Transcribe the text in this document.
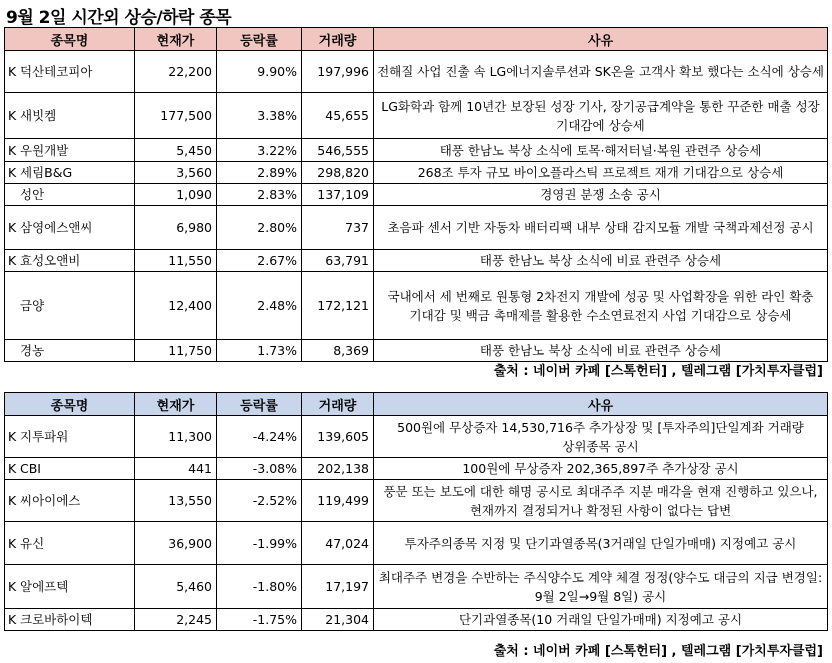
9월 2일 시간외 상승/하락 종목
종목명	현재가	등락률	거래량	사유
K 덕산테코피아	22,200	9.90%	197,996	전해질 사업 진출 속 LG에너지솔루션과 SK온을 고객사 확보 했다는 소식에 상승세
K 새빗켐	177,500	3.38%	45,655	LG화학과 함께 10년간 보장된 성장 기사, 장기공급계약을 통한 꾸준한 매출 성장 기대감에 상승세
K 우원개발	5,450	3.22%	546,555	태풍 한남노 북상 소식에 토목·해저터널·복원 관련주 상승세
K 세림B&G	3,560	2.89%	298,820	268조 투자 규모 바이오플라스틱 프로젝트 재개 기대감으로 상승세
성안	1,090	2.83%	137,109	경영권 분쟁 소송 공시
K 삼영에스앤씨	6,980	2.80%	737	초음파 센서 기반 자동차 배터리팩 내부 상태 감지모듈 개발 국책과제선정 공시
K 효성오앤비	11,550	2.67%	63,791	태풍 한남노 북상 소식에 비료 관련주 상승세
금양	12,400	2.48%	172,121	국내에서 세 번째로 원통형 2차전지 개발에 성공 및 사업확장을 위한 라인 확충 기대감 및 백금 촉매제를 활용한 수소연료전지 사업 기대감으로 상승세
경농	11,750	1.73%	8,369	태풍 한남노 북상 소식에 비료 관련주 상승세
출처 : 네이버 카페 [스톡헌터] , 텔레그램 [가치투자클럽]
종목명	현재가	등락률	거래량	사유
K 지투파워	11,300	-4.24%	139,605	500원에 무상증자 14,530,716주 추가상장 및 [투자주의]단일계좌 거래량 상위종목 공시
K CBI	441	-3.08%	202,138	100원에 무상증자 202,365,897주 추가상장 공시
K 씨아이에스	13,550	-2.52%	119,499	풍문 또는 보도에 대한 해명 공시로 최대주주 지분 매각을 현재 진행하고 있으나, 현재까지 결정되거나 확정된 사항이 없다는 답변
K 유신	36,900	-1.99%	47,024	투자주의종목 지정 및 단기과열종목(3거래일 단일가매매) 지정예고 공시
K 알에프텍	5,460	-1.80%	17,197	최대주주 변경을 수반하는 주식양수도 계약 체결 정정(양수도 대금의 지급 변경일: 9월 2일→9월 8일) 공시
K 크로바하이텍	2,245	-1.75%	21,304	단기과열종목(10 거래일 단일가매매) 지정예고 공시
출처 : 네이버 카페 [스톡헌터] , 텔레그램 [가치투자클럽]
